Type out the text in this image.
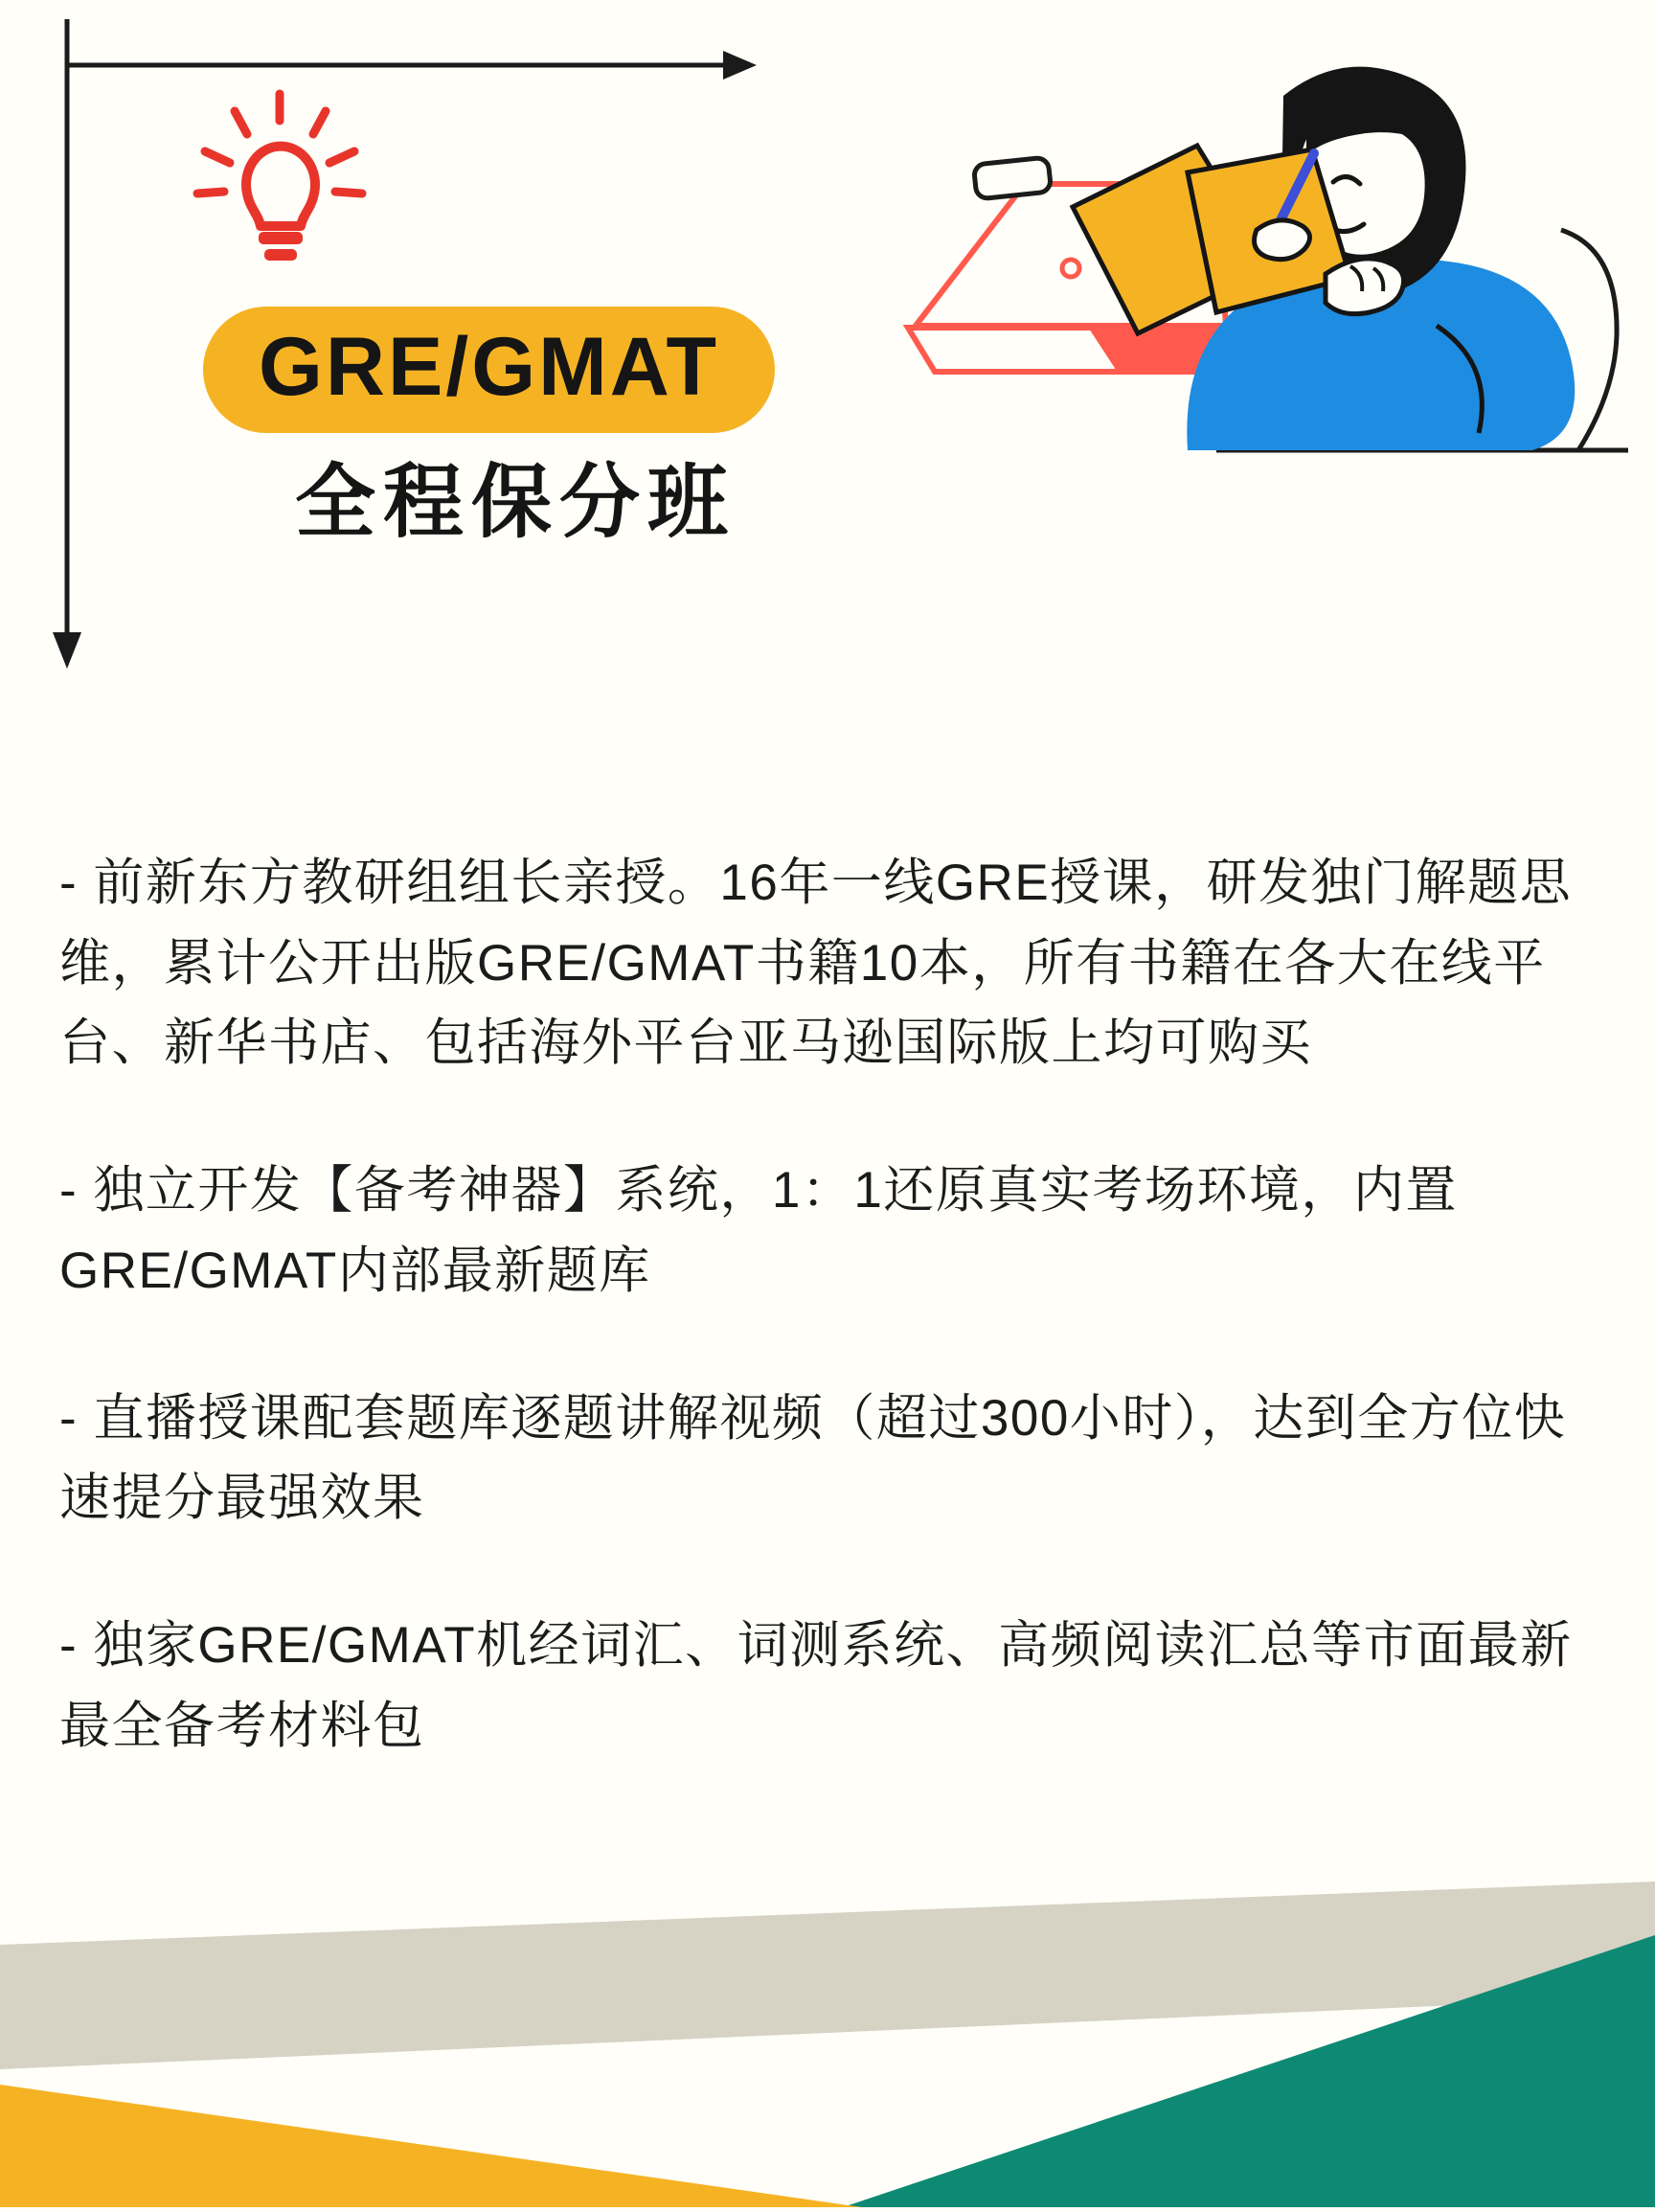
GRE/GMAT
全程保分班

- 前新东方教研组组长亲授。16年一线GRE授课，研发独门解题思维，累计公开出版GRE/GMAT书籍10本，所有书籍在各大在线平台、新华书店、包括海外平台亚马逊国际版上均可购买

- 独立开发【备考神器】系统，1：1还原真实考场环境，内置GRE/GMAT内部最新题库

- 直播授课配套题库逐题讲解视频（超过300小时），达到全方位快速提分最强效果

- 独家GRE/GMAT机经词汇、词测系统、高频阅读汇总等市面最新最全备考材料包
